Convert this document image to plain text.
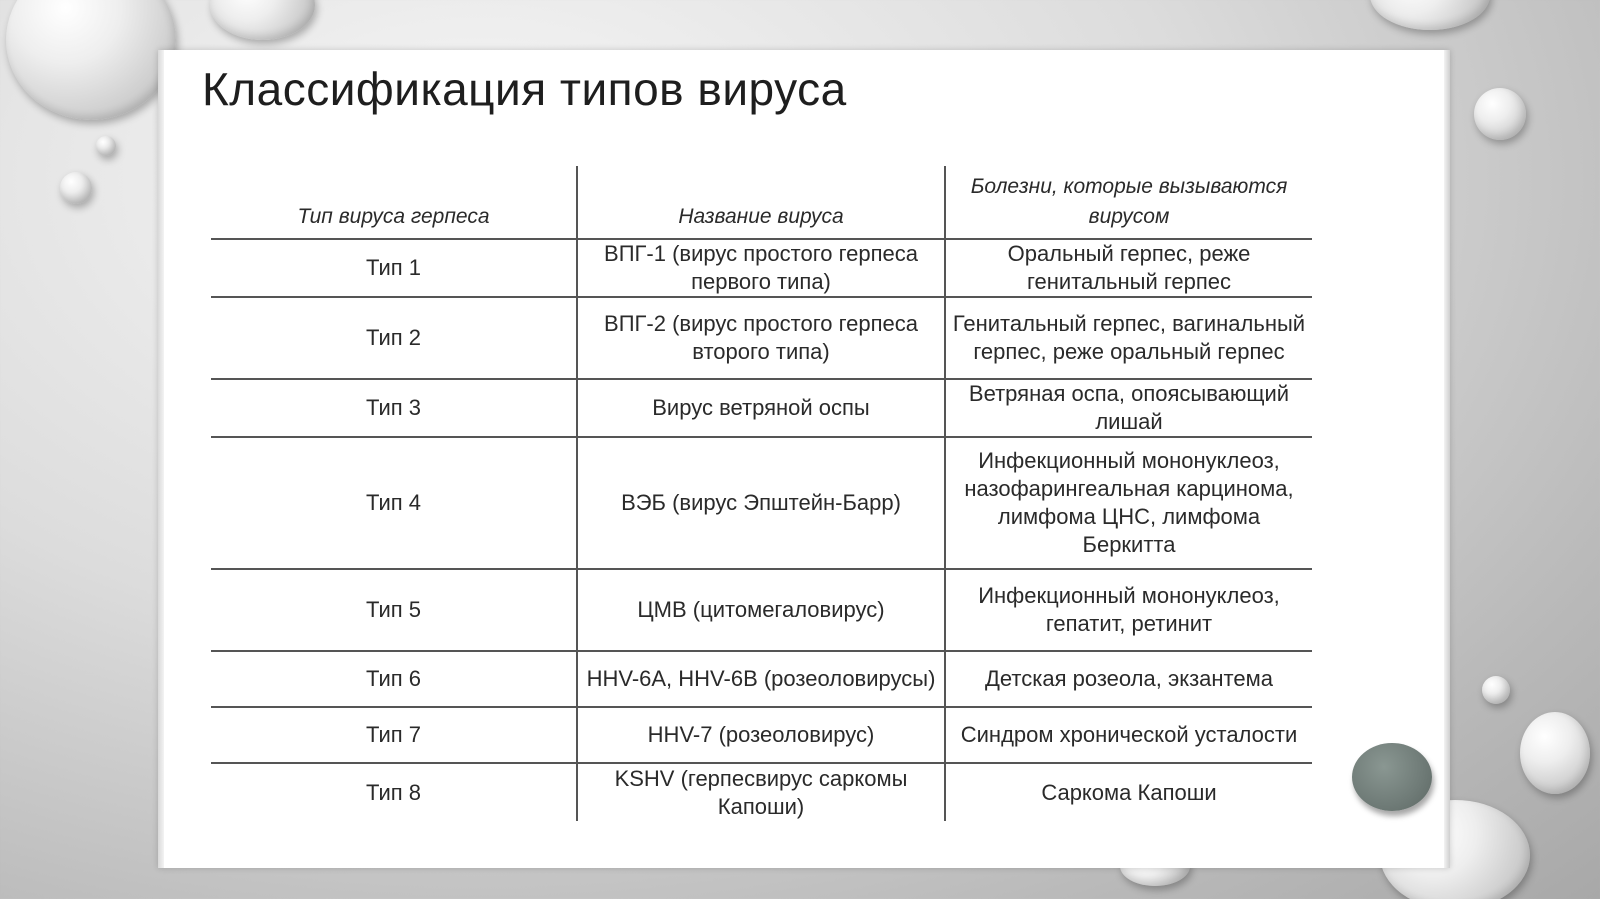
Классификация типов вируса
Тип вируса герпеса	Название вируса	Болезни, которые вызываются вирусом
Тип 1	ВПГ-1 (вирус простого герпеса первого типа)	Оральный герпес, реже генитальный герпес
Тип 2	ВПГ-2 (вирус простого герпеса второго типа)	Генитальный герпес, вагинальный герпес, реже оральный герпес
Тип 3	Вирус ветряной оспы	Ветряная оспа, опоясывающий лишай
Тип 4	ВЭБ (вирус Эпштейн-Барр)	Инфекционный мононуклеоз, назофарингеальная карцинома, лимфома ЦНС, лимфома Беркитта
Тип 5	ЦМВ (цитомегаловирус)	Инфекционный мононуклеоз, гепатит, ретинит
Тип 6	HHV-6A, HHV-6B (розеоловирусы)	Детская розеола, экзантема
Тип 7	HHV-7 (розеоловирус)	Синдром хронической усталости
Тип 8	KSHV (герпесвирус саркомы Капоши)	Саркома Капоши
